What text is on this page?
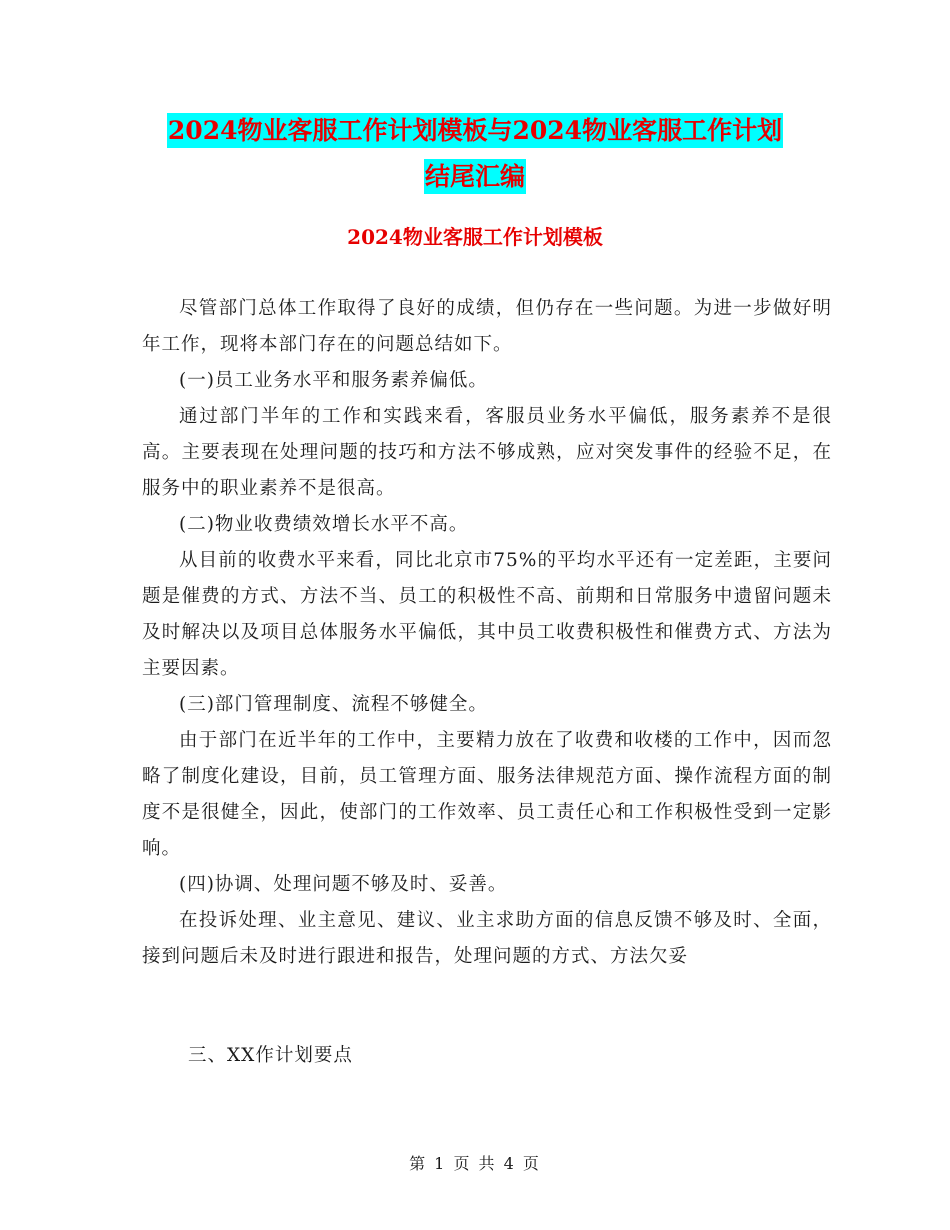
2024物业客服工作计划模板与2024物业客服工作计划
结尾汇编
2024物业客服工作计划模板

尽管部门总体工作取得了良好的成绩，但仍存在一些问题。为进一步做好明年工作，现将本部门存在的问题总结如下。

(一)员工业务水平和服务素养偏低。

通过部门半年的工作和实践来看，客服员业务水平偏低，服务素养不是很高。主要表现在处理问题的技巧和方法不够成熟，应对突发事件的经验不足，在服务中的职业素养不是很高。

(二)物业收费绩效增长水平不高。

从目前的收费水平来看，同比北京市75%的平均水平还有一定差距，主要问题是催费的方式、方法不当、员工的积极性不高、前期和日常服务中遗留问题未及时解决以及项目总体服务水平偏低，其中员工收费积极性和催费方式、方法为主要因素。

(三)部门管理制度、流程不够健全。

由于部门在近半年的工作中，主要精力放在了收费和收楼的工作中，因而忽略了制度化建设，目前，员工管理方面、服务法律规范方面、操作流程方面的制度不是很健全，因此，使部门的工作效率、员工责任心和工作积极性受到一定影响。

(四)协调、处理问题不够及时、妥善。

在投诉处理、业主意见、建议、业主求助方面的信息反馈不够及时、全面，接到问题后未及时进行跟进和报告，处理问题的方式、方法欠妥

三、XX作计划要点

第 1 页 共 4 页
